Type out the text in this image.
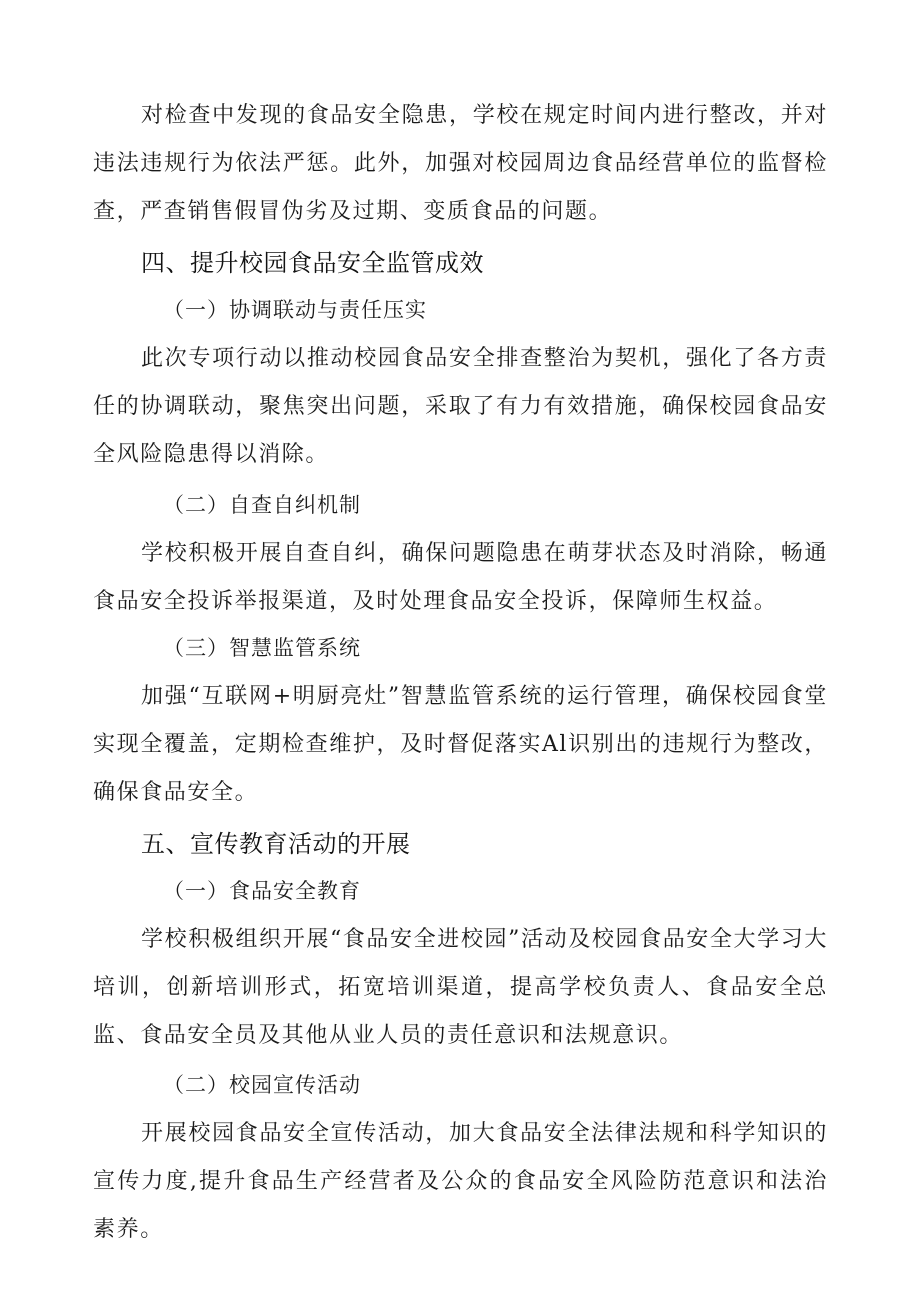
对检查中发现的食品安全隐患，学校在规定时间内进行整改，并对违法违规行为依法严惩。此外，加强对校园周边食品经营单位的监督检查，严查销售假冒伪劣及过期、变质食品的问题。
四、提升校园食品安全监管成效
（一）协调联动与责任压实
此次专项行动以推动校园食品安全排查整治为契机，强化了各方责任的协调联动，聚焦突出问题，采取了有力有效措施，确保校园食品安全风险隐患得以消除。
（二）自查自纠机制
学校积极开展自查自纠，确保问题隐患在萌芽状态及时消除，畅通食品安全投诉举报渠道，及时处理食品安全投诉，保障师生权益。
（三）智慧监管系统
加强“互联网+明厨亮灶”智慧监管系统的运行管理，确保校园食堂实现全覆盖，定期检查维护，及时督促落实Al识别出的违规行为整改，确保食品安全。
五、宣传教育活动的开展
（一）食品安全教育
学校积极组织开展“食品安全进校园”活动及校园食品安全大学习大培训，创新培训形式，拓宽培训渠道，提高学校负责人、食品安全总监、食品安全员及其他从业人员的责任意识和法规意识。
（二）校园宣传活动
开展校园食品安全宣传活动，加大食品安全法律法规和科学知识的宣传力度,提升食品生产经营者及公众的食品安全风险防范意识和法治素养。
